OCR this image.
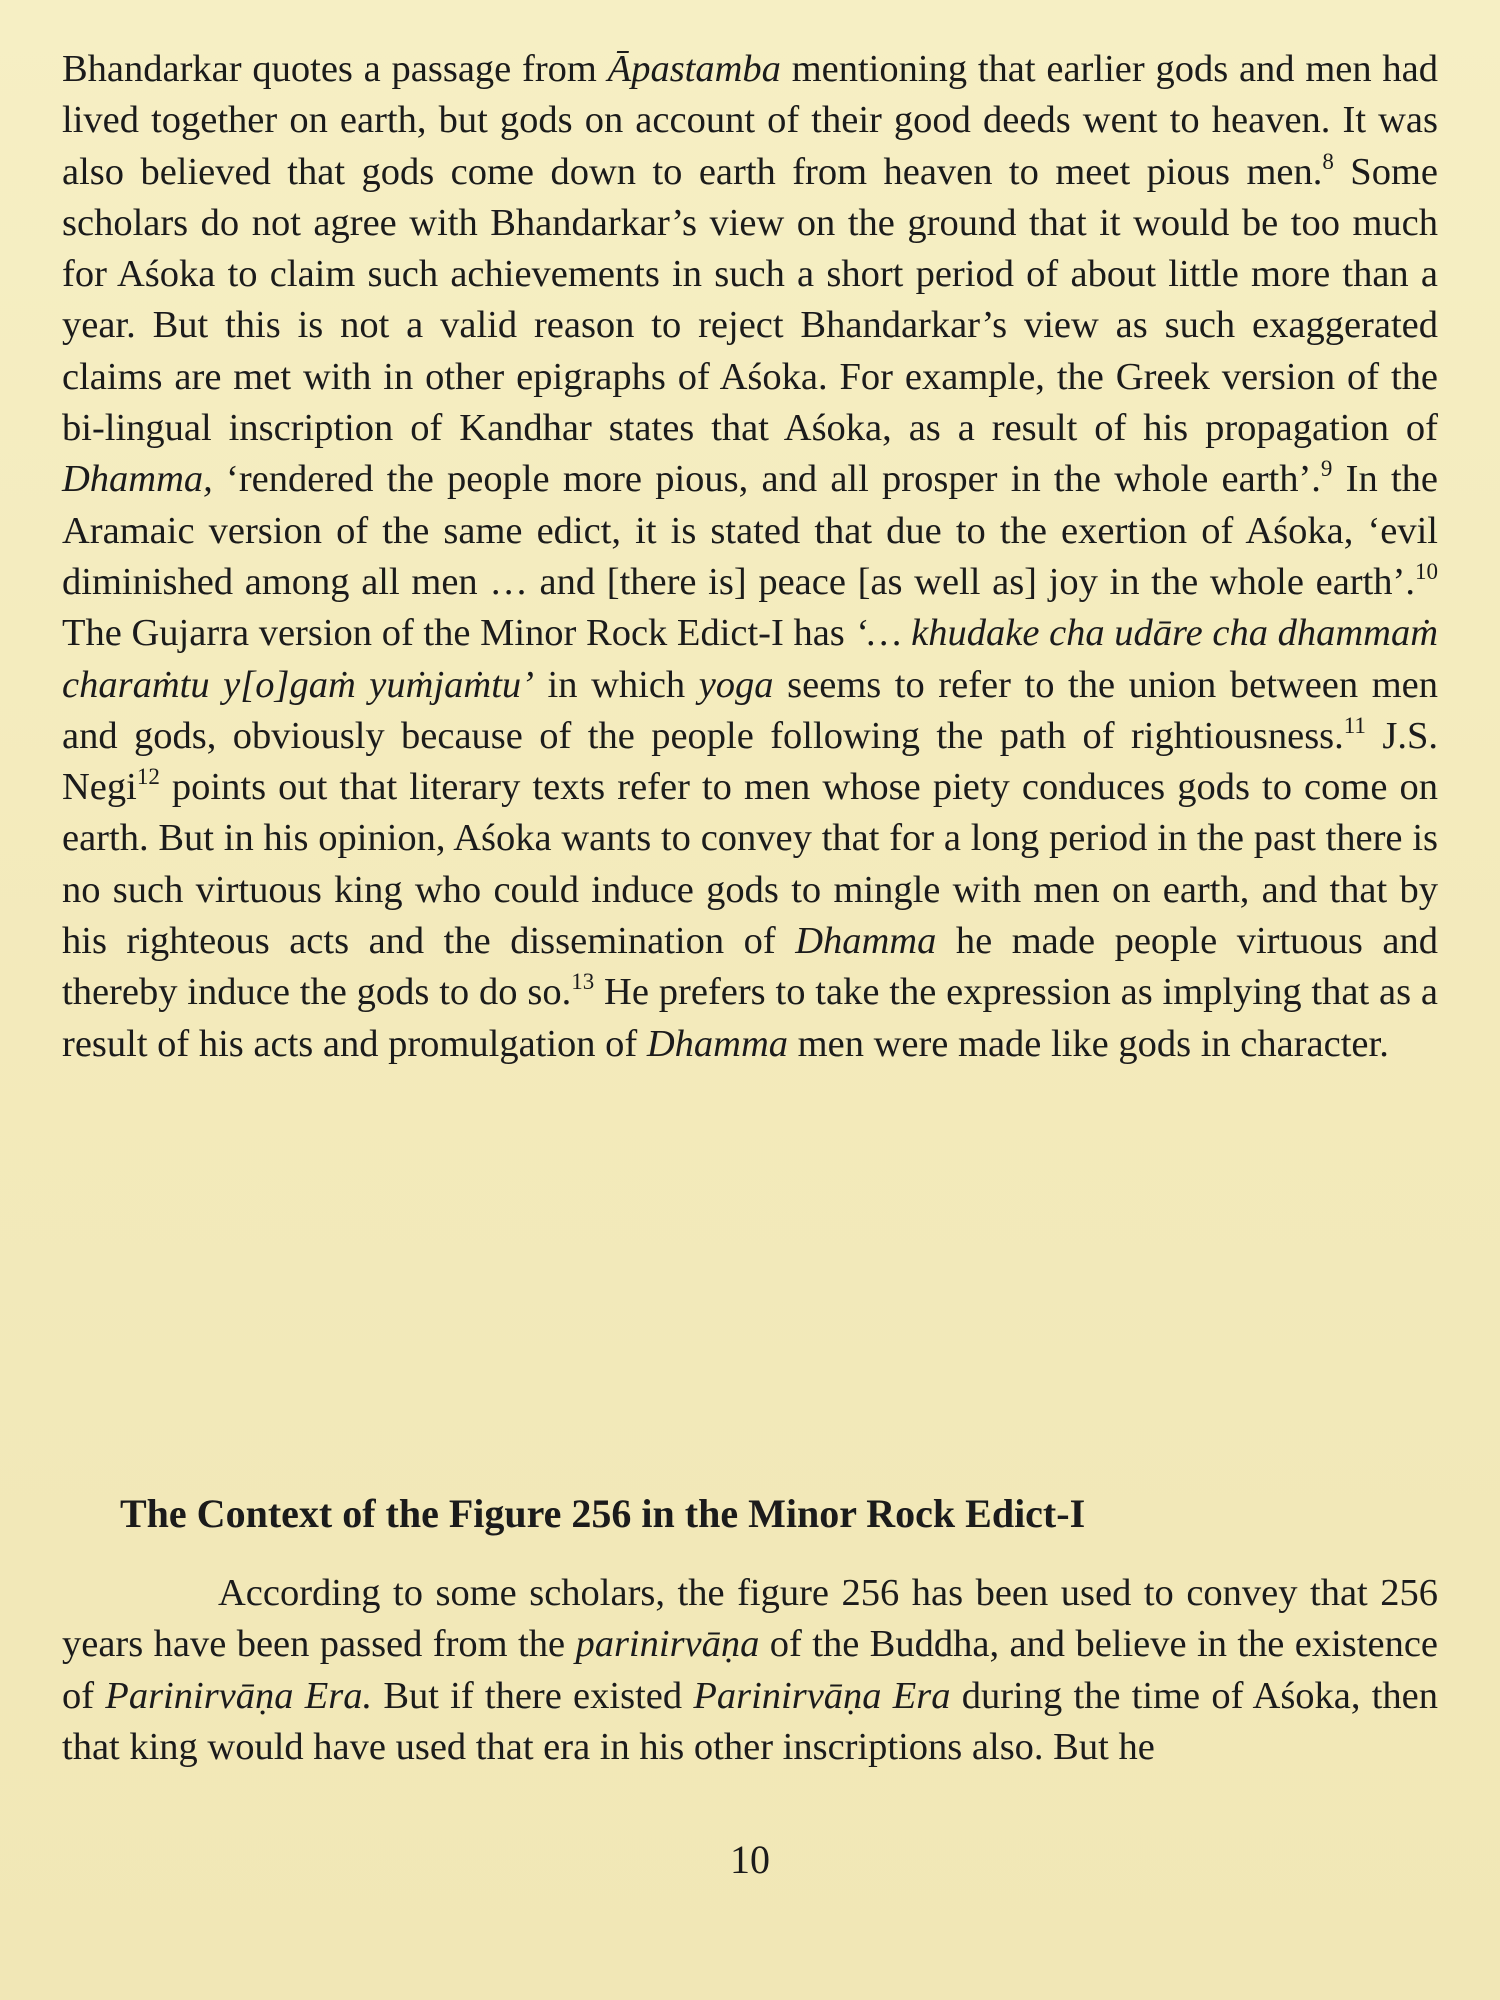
Bhandarkar quotes a passage from Āpastamba mentioning that earlier gods and men had lived together on earth, but gods on account of their good deeds went to heaven. It was also believed that gods come down to earth from heaven to meet pious men.$^8$ Some scholars do not agree with Bhandarkar’s view on the ground that it would be too much for Aśoka to claim such achievements in such a short period of about little more than a year. But this is not a valid reason to reject Bhandarkar’s view as such exaggerated claims are met with in other epigraphs of Aśoka. For example, the Greek version of the bi-lingual inscription of Kandhar states that Aśoka, as a result of his propagation of Dhamma, ‘rendered the people more pious, and all prosper in the whole earth’.$^9$ In the Aramaic version of the same edict, it is stated that due to the exertion of Aśoka, ‘evil diminished among all men … and [there is] peace [as well as] joy in the whole earth’.$^{10}$ The Gujarra version of the Minor Rock Edict-I has ‘… khudake cha udāre cha dhammaṁ charaṁtu y[o]gaṁ yuṁjaṁtu’ in which yoga seems to refer to the union between men and gods, obviously because of the people following the path of rightiousness.$^{11}$ J.S. Negi$^{12}$ points out that literary texts refer to men whose piety conduces gods to come on earth. But in his opinion, Aśoka wants to convey that for a long period in the past there is no such virtuous king who could induce gods to mingle with men on earth, and that by his righteous acts and the dissemination of Dhamma he made people virtuous and thereby induce the gods to do so.$^{13}$ He prefers to take the expression as implying that as a result of his acts and promulgation of Dhamma men were made like gods in character.
The Context of the Figure 256 in the Minor Rock Edict-I
According to some scholars, the figure 256 has been used to convey that 256 years have been passed from the parinirvāṇa of the Buddha, and believe in the existence of Parinirvāṇa Era. But if there existed Parinirvāṇa Era during the time of Aśoka, then that king would have used that era in his other inscriptions also. But he
10
